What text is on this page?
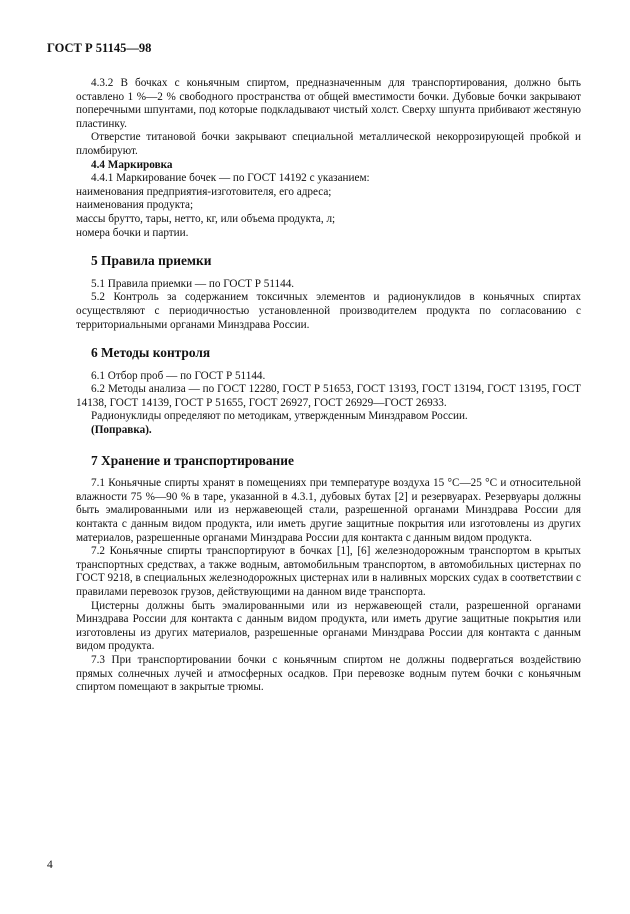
ГОСТ Р 51145—98

4.3.2 В бочках с коньячным спиртом, предназначенным для транспортирования, должно быть оставлено 1 %—2 % свободного пространства от общей вместимости бочки. Дубовые бочки закрывают поперечными шпунтами, под которые подкладывают чистый холст. Сверху шпунта прибивают жестяную пластинку.

Отверстие титановой бочки закрывают специальной металлической некоррозирующей пробкой и пломбируют.

4.4 Маркировка

4.4.1 Маркирование бочек — по ГОСТ 14192 с указанием:

наименования предприятия-изготовителя, его адреса;

наименования продукта;

массы брутто, тары, нетто, кг, или объема продукта, л;

номера бочки и партии.

5 Правила приемки

5.1 Правила приемки — по ГОСТ Р 51144.

5.2 Контроль за содержанием токсичных элементов и радионуклидов в коньячных спиртах осуществляют с периодичностью установленной производителем продукта по согласованию с территориальными органами Минздрава России.

6 Методы контроля

6.1 Отбор проб — по ГОСТ Р 51144.

6.2 Методы анализа — по ГОСТ 12280, ГОСТ Р 51653, ГОСТ 13193, ГОСТ 13194, ГОСТ 13195, ГОСТ 14138, ГОСТ 14139, ГОСТ Р 51655, ГОСТ 26927, ГОСТ 26929—ГОСТ 26933.

Радионуклиды определяют по методикам, утвержденным Минздравом России.

(Поправка).

7 Хранение и транспортирование

7.1 Коньячные спирты хранят в помещениях при температуре воздуха 15 °С—25 °С и относительной влажности 75 %—90 % в таре, указанной в 4.3.1, дубовых бутах [2] и резервуарах. Резервуары должны быть эмалированными или из нержавеющей стали, разрешенной органами Минздрава России для контакта с данным видом продукта, или иметь другие защитные покрытия или изготовлены из других материалов, разрешенные органами Минздрава России для контакта с данным видом продукта.

7.2 Коньячные спирты транспортируют в бочках [1], [6] железнодорожным транспортом в крытых транспортных средствах, а также водным, автомобильным транспортом, в автомобильных цистернах по ГОСТ 9218, в специальных железнодорожных цистернах или в наливных морских судах в соответствии с правилами перевозок грузов, действующими на данном виде транспорта.

Цистерны должны быть эмалированными или из нержавеющей стали, разрешенной органами Минздрава России для контакта с данным видом продукта, или иметь другие защитные покрытия или изготовлены из других материалов, разрешенные органами Минздрава России для контакта с данным видом продукта.

7.3 При транспортировании бочки с коньячным спиртом не должны подвергаться воздействию прямых солнечных лучей и атмосферных осадков. При перевозке водным путем бочки с коньячным спиртом помещают в закрытые трюмы.

4
